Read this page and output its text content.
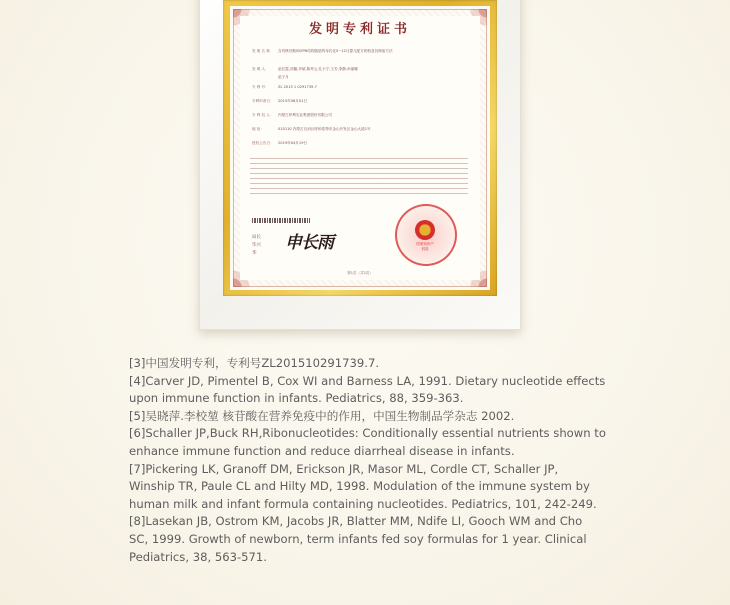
发明专利证书
发 明 名 称： 含有核苷酸和OPN结构脂肪的母乳化0~12月婴儿配方奶粉及其制备方法
发 明 人：	赵红霞,刘璐,李斌,陈秀云,孔小宁,王芳,李静,孙丽娜
赵子月
专 利 号：	ZL 2015 1 0291739.7
专利申请日： 2015年06月01日
专 利 权 人： 内蒙古伊利实业集团股份有限公司
地 址：	010110 内蒙古自治区呼和浩特市金山开发区金山大道1号
授权公告日： 2019年04月19日
局长 毕兴华
申长雨	国家知识产权局
第1页（共2页）
[3]中国发明专利，专利号ZL201510291739.7.
[4]Carver JD, Pimentel B, Cox WI and Barness LA, 1991. Dietary nucleotide effects
upon immune function in infants. Pediatrics, 88, 359-363.
[5]吴晓萍.李校堃 核苷酸在营养免疫中的作用，中国生物制品学杂志 2002.
[6]Schaller JP,Buck RH,Ribonucleotides: Conditionally essential nutrients shown to
enhance immune function and reduce diarrheal disease in infants.
[7]Pickering LK, Granoff DM, Erickson JR, Masor ML, Cordle CT, Schaller JP,
Winship TR, Paule CL and Hilty MD, 1998. Modulation of the immune system by
human milk and infant formula containing nucleotides. Pediatrics, 101, 242-249.
[8]Lasekan JB, Ostrom KM, Jacobs JR, Blatter MM, Ndife LI, Gooch WM and Cho
SC, 1999. Growth of newborn, term infants fed soy formulas for 1 year. Clinical
Pediatrics, 38, 563-571.
